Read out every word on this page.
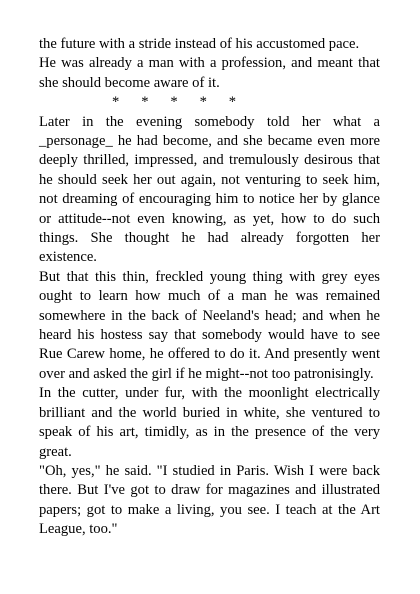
the future with a stride instead of his accustomed pace.

He was already a man with a profession, and meant that she should become aware of it.

*      *      *      *      *

Later in the evening somebody told her what a _personage_ he had become, and she became even more deeply thrilled, impressed, and tremulously desirous that he should seek her out again, not venturing to seek him, not dreaming of encouraging him to notice her by glance or attitude--not even knowing, as yet, how to do such things. She thought he had already forgotten her existence.

But that this thin, freckled young thing with grey eyes ought to learn how much of a man he was remained somewhere in the back of Neeland's head; and when he heard his hostess say that somebody would have to see Rue Carew home, he offered to do it. And presently went over and asked the girl if he might--not too patronisingly.

In the cutter, under fur, with the moonlight electrically brilliant and the world buried in white, she ventured to speak of his art, timidly, as in the presence of the very great.

"Oh, yes," he said. "I studied in Paris. Wish I were back there. But I've got to draw for magazines and illustrated papers; got to make a living, you see. I teach at the Art League, too."
